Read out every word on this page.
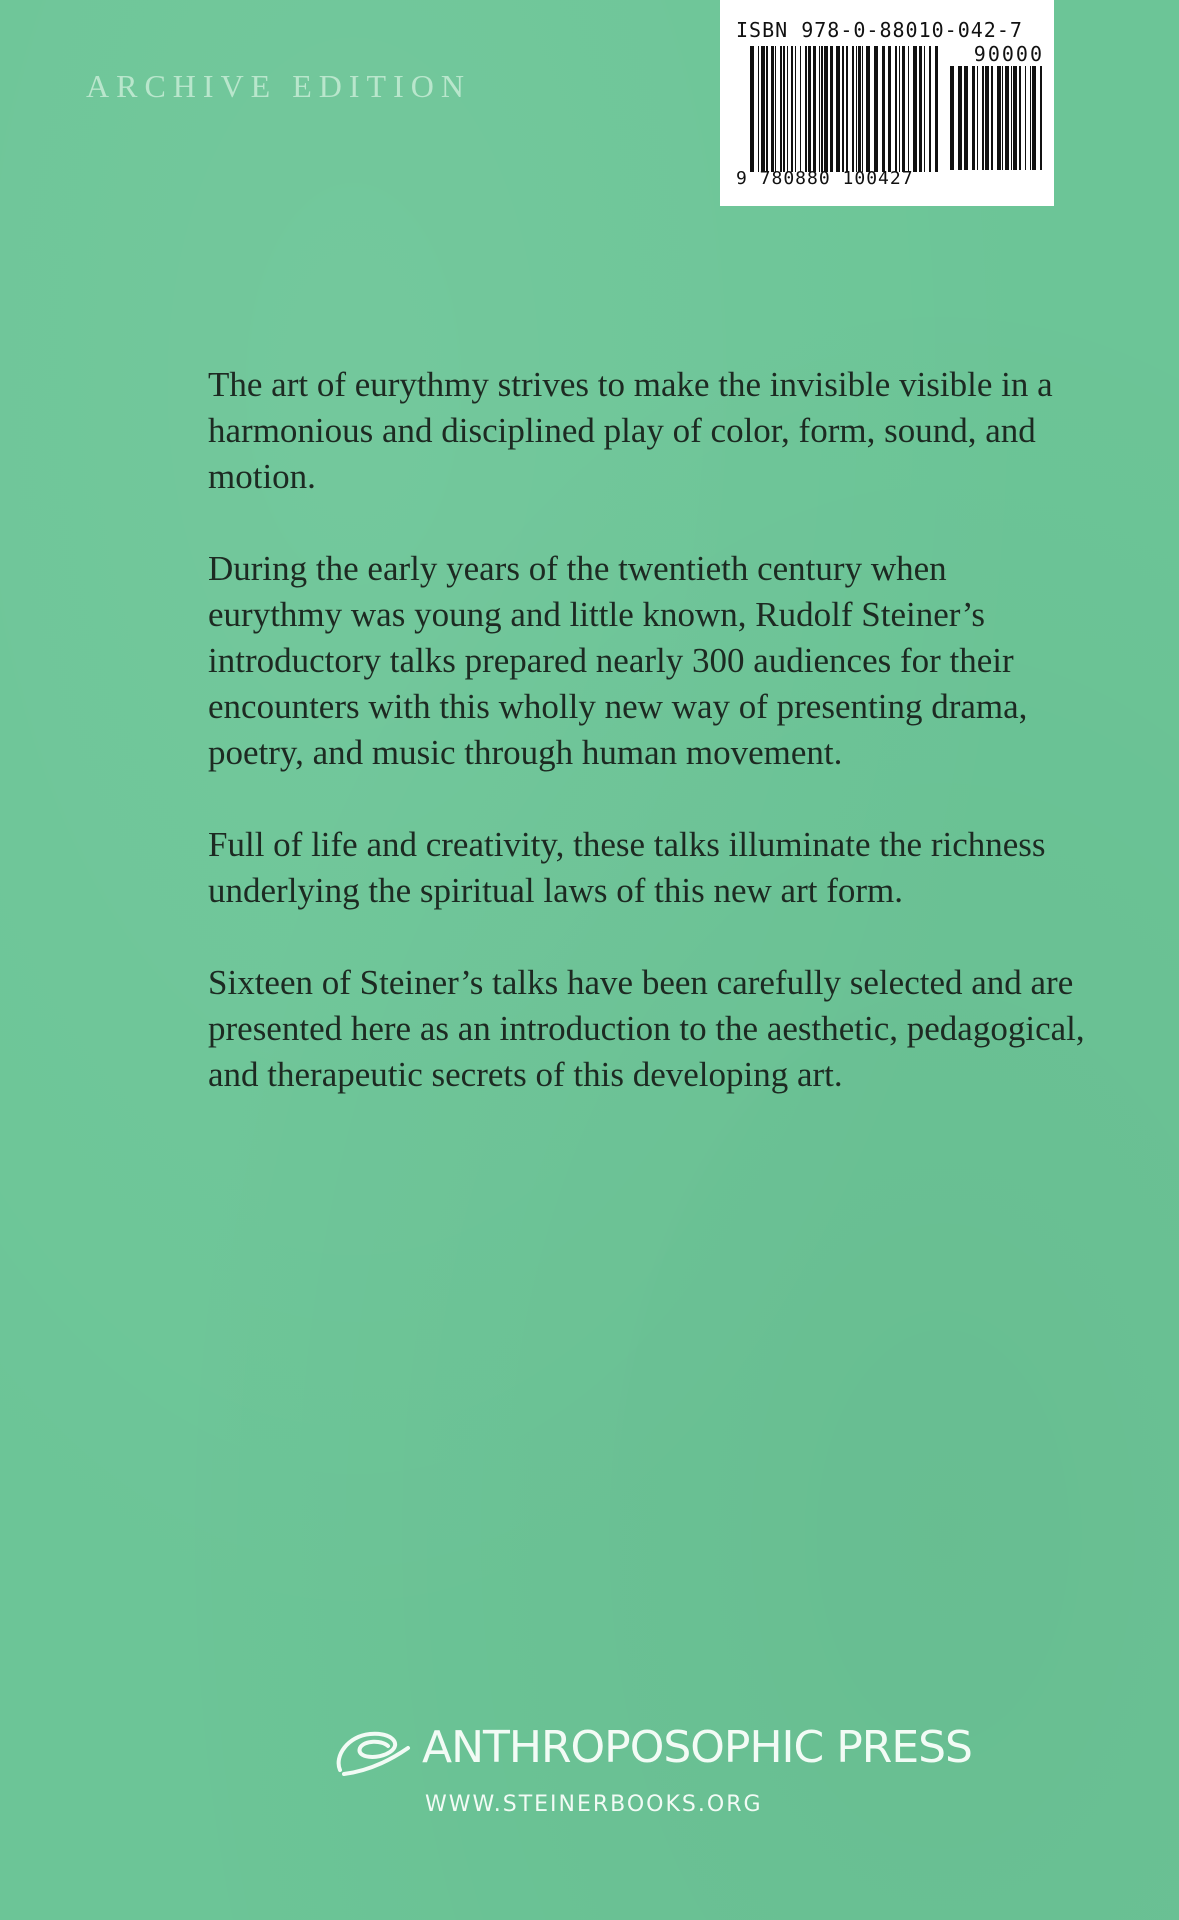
ARCHIVE EDITION
ISBN 978-0-88010-042-7
90000
9 780880 100427

The art of eurythmy strives to make the invisible visible in a harmonious and disciplined play of color, form, sound, and motion.

During the early years of the twentieth century when eurythmy was young and little known, Rudolf Steiner’s introductory talks prepared nearly 300 audiences for their encounters with this wholly new way of presenting drama, poetry, and music through human movement.

Full of life and creativity, these talks illuminate the richness underlying the spiritual laws of this new art form.

Sixteen of Steiner’s talks have been carefully selected and are presented here as an introduction to the aesthetic, pedagogical, and therapeutic secrets of this developing art.

ANTHROPOSOPHIC PRESS
WWW.STEINERBOOKS.ORG
